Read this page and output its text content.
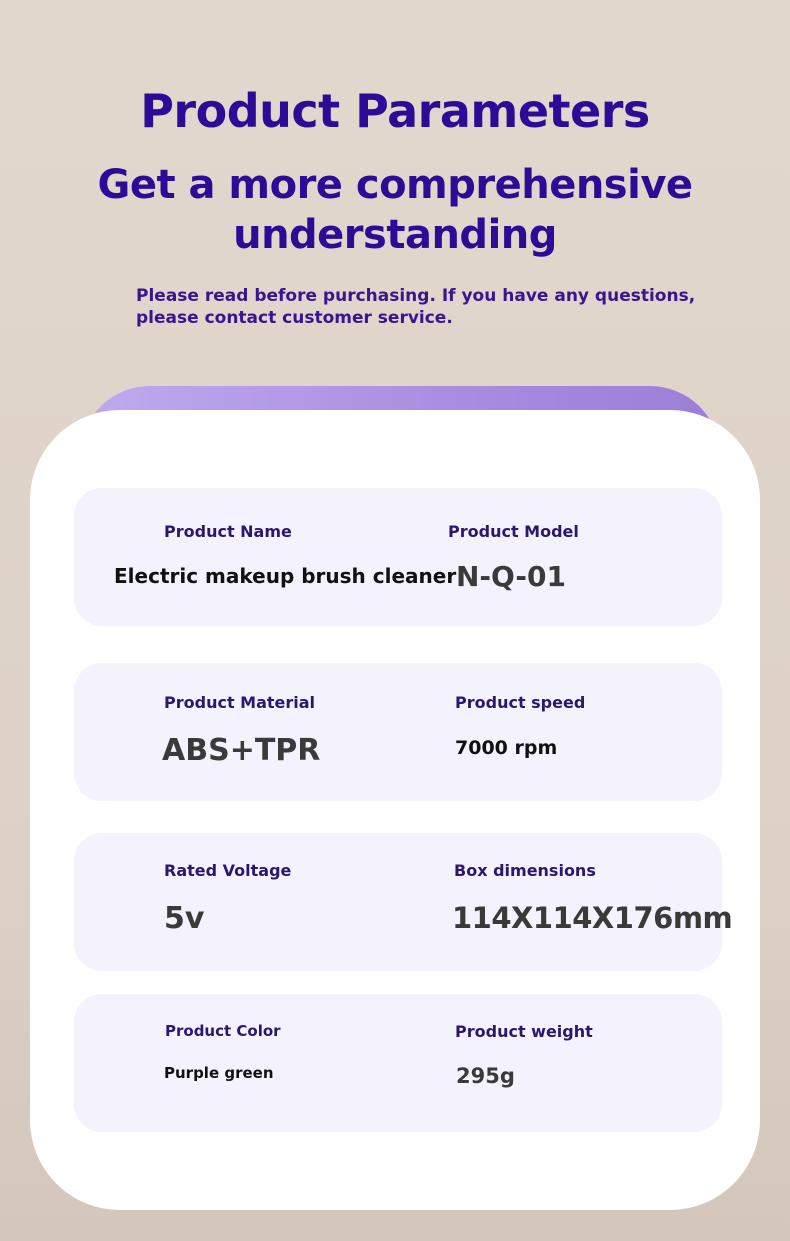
Product Parameters
Get a more comprehensive understanding
Please read before purchasing. If you have any questions, please contact customer service.
Product Name
Electric makeup brush cleaner
Product Model
N-Q-01
Product Material
ABS+TPR
Product speed
7000 rpm
Rated Voltage
5v
Box dimensions
114X114X176mm
Product Color
Purple green
Product weight
295g
